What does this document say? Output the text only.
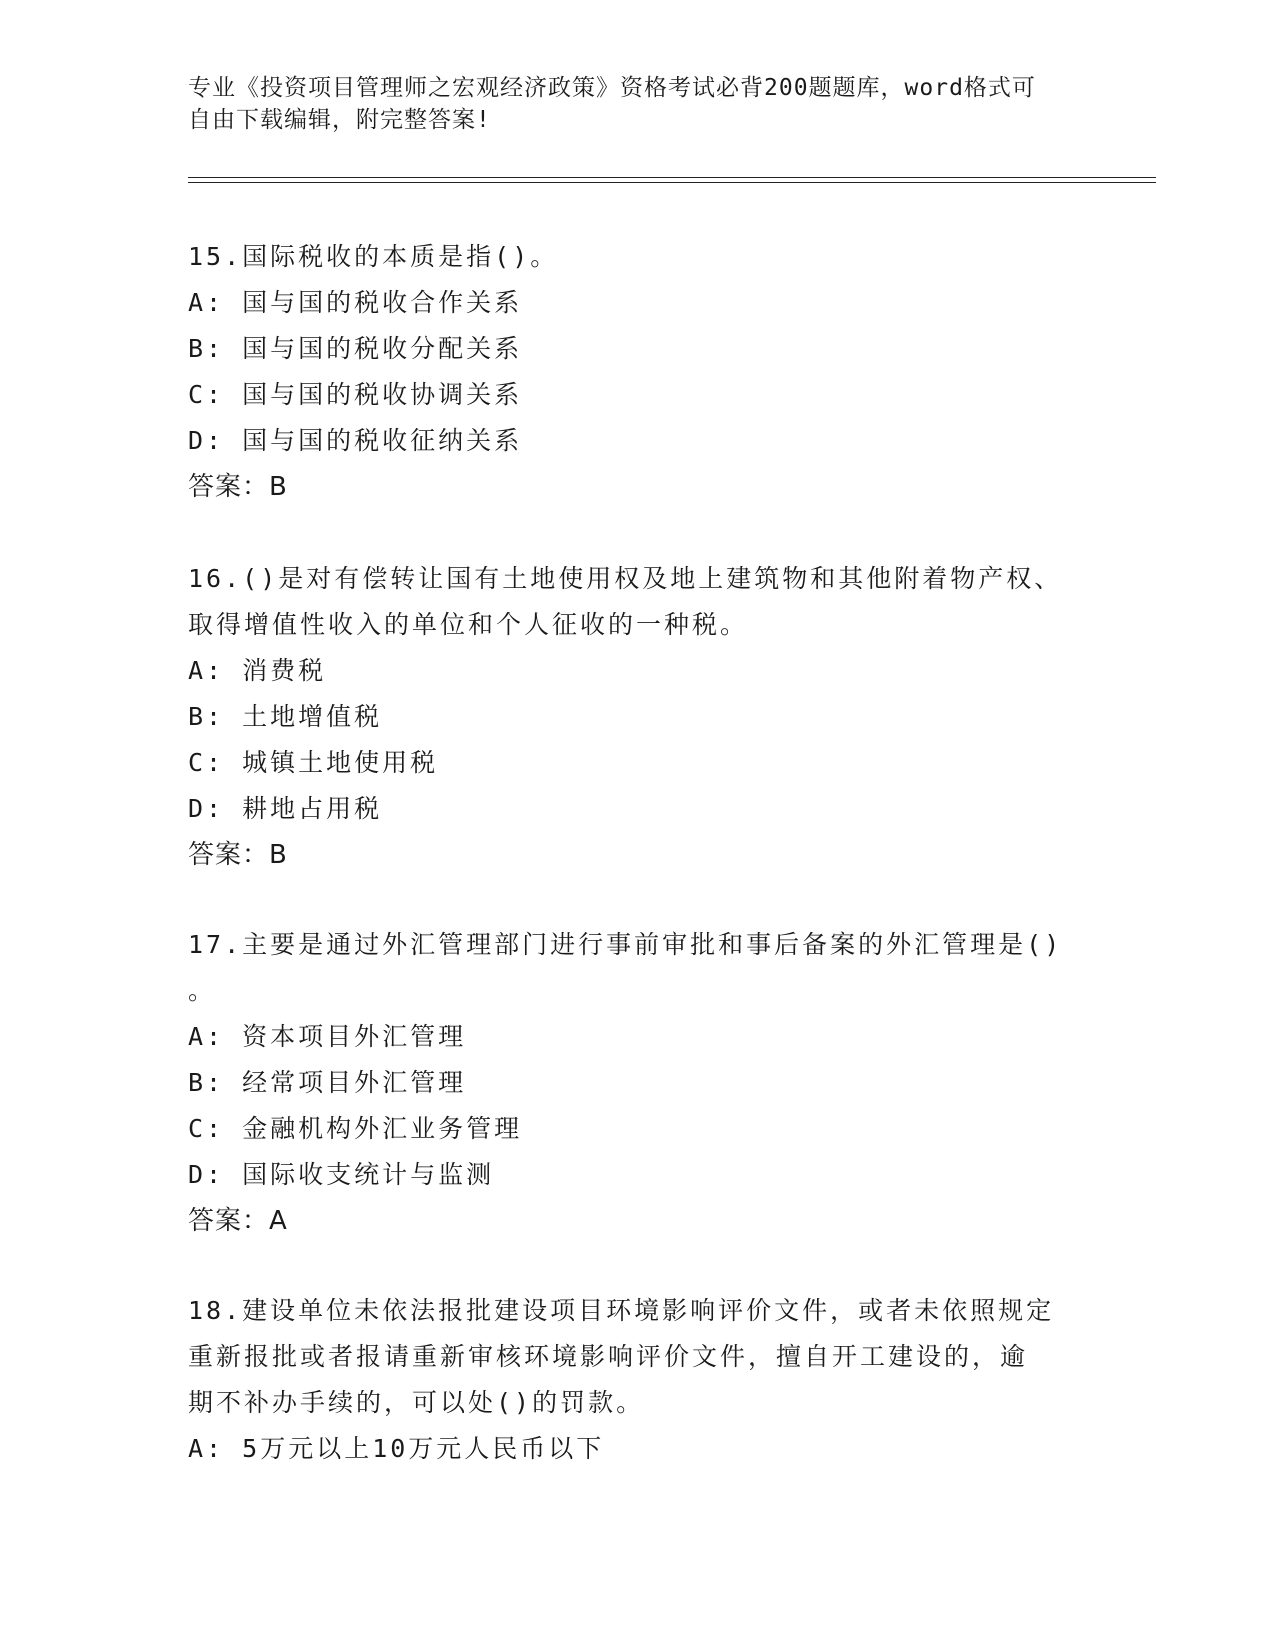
专业《投资项目管理师之宏观经济政策》资格考试必背200题题库，word格式可
自由下载编辑，附完整答案!

15.国际税收的本质是指()。

A: 国与国的税收合作关系

B: 国与国的税收分配关系

C: 国与国的税收协调关系

D: 国与国的税收征纳关系

答案：B

16.()是对有偿转让国有土地使用权及地上建筑物和其他附着物产权、

取得增值性收入的单位和个人征收的一种税。

A: 消费税

B: 土地增值税

C: 城镇土地使用税

D: 耕地占用税

答案：B

17.主要是通过外汇管理部门进行事前审批和事后备案的外汇管理是()

。

A: 资本项目外汇管理

B: 经常项目外汇管理

C: 金融机构外汇业务管理

D: 国际收支统计与监测

答案：A

18.建设单位未依法报批建设项目环境影响评价文件，或者未依照规定

重新报批或者报请重新审核环境影响评价文件，擅自开工建设的，逾

期不补办手续的，可以处()的罚款。

A: 5万元以上10万元人民币以下
